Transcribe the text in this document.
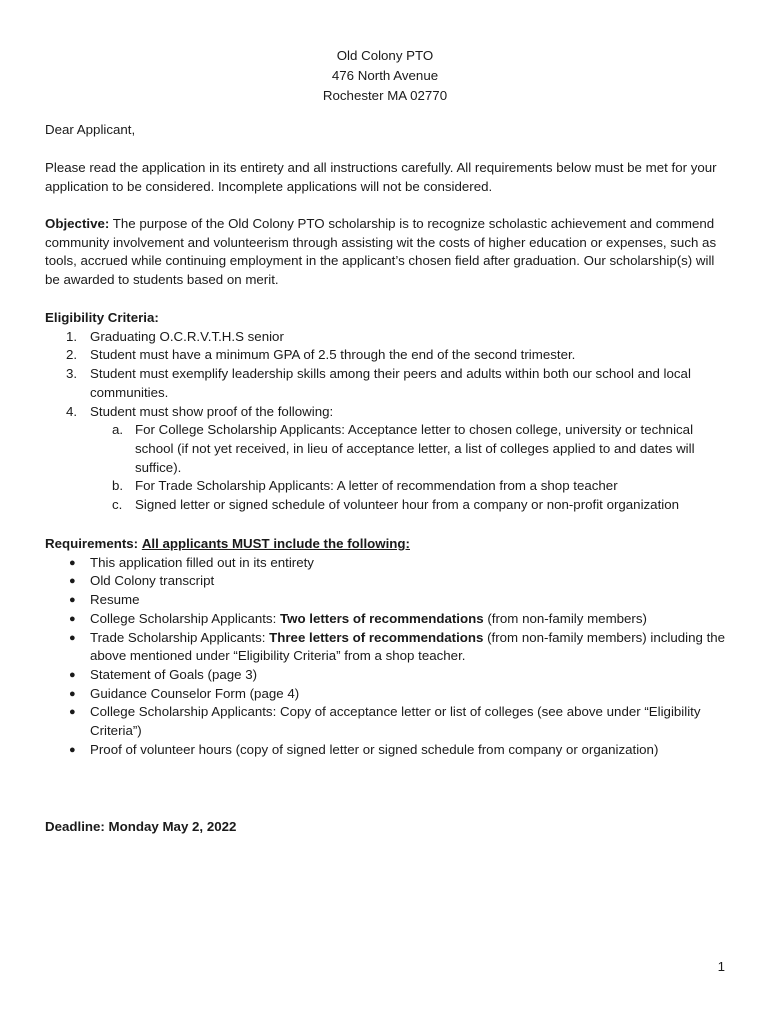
Old Colony PTO
476 North Avenue
Rochester MA 02770
Dear Applicant,
Please read the application in its entirety and all instructions carefully. All requirements below must be met for your application to be considered. Incomplete applications will not be considered.
Objective: The purpose of the Old Colony PTO scholarship is to recognize scholastic achievement and commend community involvement and volunteerism through assisting wit the costs of higher education or expenses, such as tools, accrued while continuing employment in the applicant’s chosen field after graduation. Our scholarship(s) will be awarded to students based on merit.
Eligibility Criteria:
1. Graduating O.C.R.V.T.H.S senior
2. Student must have a minimum GPA of 2.5 through the end of the second trimester.
3. Student must exemplify leadership skills among their peers and adults within both our school and local communities.
4. Student must show proof of the following:
a. For College Scholarship Applicants: Acceptance letter to chosen college, university or technical school (if not yet received, in lieu of acceptance letter, a list of colleges applied to and dates will suffice).
b. For Trade Scholarship Applicants: A letter of recommendation from a shop teacher
c. Signed letter or signed schedule of volunteer hour from a company or non-profit organization
Requirements: All applicants MUST include the following:
● This application filled out in its entirety
● Old Colony transcript
● Resume
● College Scholarship Applicants: Two letters of recommendations (from non-family members)
● Trade Scholarship Applicants: Three letters of recommendations (from non-family members) including the above mentioned under “Eligibility Criteria” from a shop teacher.
● Statement of Goals (page 3)
● Guidance Counselor Form (page 4)
● College Scholarship Applicants: Copy of acceptance letter or list of colleges (see above under “Eligibility Criteria”)
● Proof of volunteer hours (copy of signed letter or signed schedule from company or organization)
Deadline: Monday May 2, 2022
1
